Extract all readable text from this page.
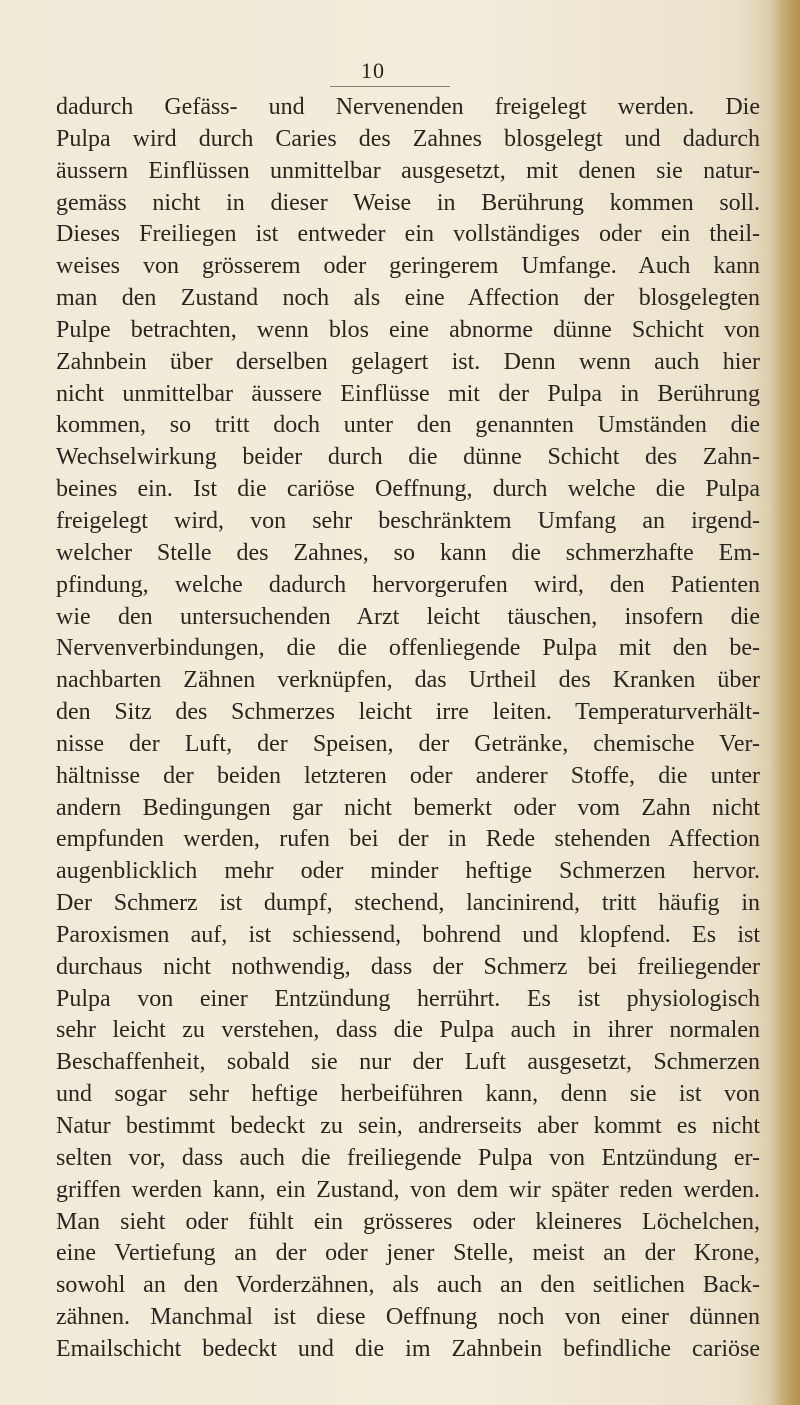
10
dadurch Gefäss- und Nervenenden freigelegt werden. Die
Pulpa wird durch Caries des Zahnes blosgelegt und dadurch
äussern Einflüssen unmittelbar ausgesetzt, mit denen sie natur-
gemäss nicht in dieser Weise in Berührung kommen soll.
Dieses Freiliegen ist entweder ein vollständiges oder ein theil-
weises von grösserem oder geringerem Umfange. Auch kann
man den Zustand noch als eine Affection der blosgelegten
Pulpe betrachten, wenn blos eine abnorme dünne Schicht von
Zahnbein über derselben gelagert ist. Denn wenn auch hier
nicht unmittelbar äussere Einflüsse mit der Pulpa in Berührung
kommen, so tritt doch unter den genannten Umständen die
Wechselwirkung beider durch die dünne Schicht des Zahn-
beines ein. Ist die cariöse Oeffnung, durch welche die Pulpa
freigelegt wird, von sehr beschränktem Umfang an irgend-
welcher Stelle des Zahnes, so kann die schmerzhafte Em-
pfindung, welche dadurch hervorgerufen wird, den Patienten
wie den untersuchenden Arzt leicht täuschen, insofern die
Nervenverbindungen, die die offenliegende Pulpa mit den be-
nachbarten Zähnen verknüpfen, das Urtheil des Kranken über
den Sitz des Schmerzes leicht irre leiten. Temperaturverhält-
nisse der Luft, der Speisen, der Getränke, chemische Ver-
hältnisse der beiden letzteren oder anderer Stoffe, die unter
andern Bedingungen gar nicht bemerkt oder vom Zahn nicht
empfunden werden, rufen bei der in Rede stehenden Affection
augenblicklich mehr oder minder heftige Schmerzen hervor.
Der Schmerz ist dumpf, stechend, lancinirend, tritt häufig in
Paroxismen auf, ist schiessend, bohrend und klopfend. Es ist
durchaus nicht nothwendig, dass der Schmerz bei freiliegender
Pulpa von einer Entzündung herrührt. Es ist physiologisch
sehr leicht zu verstehen, dass die Pulpa auch in ihrer normalen
Beschaffenheit, sobald sie nur der Luft ausgesetzt, Schmerzen
und sogar sehr heftige herbeiführen kann, denn sie ist von
Natur bestimmt bedeckt zu sein, andrerseits aber kommt es nicht
selten vor, dass auch die freiliegende Pulpa von Entzündung er-
griffen werden kann, ein Zustand, von dem wir später reden werden.
Man sieht oder fühlt ein grösseres oder kleineres Löchelchen,
eine Vertiefung an der oder jener Stelle, meist an der Krone,
sowohl an den Vorderzähnen, als auch an den seitlichen Back-
zähnen. Manchmal ist diese Oeffnung noch von einer dünnen
Emailschicht bedeckt und die im Zahnbein befindliche cariöse
